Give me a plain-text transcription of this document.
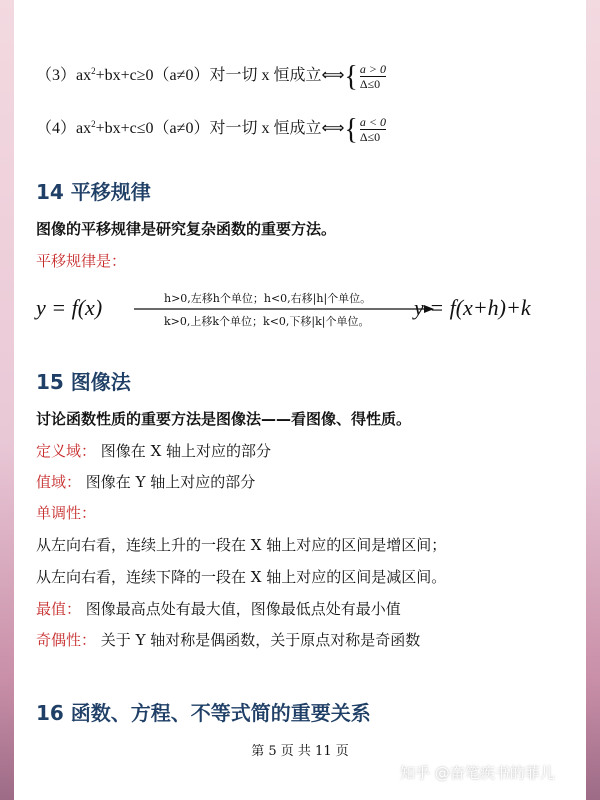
$(3)ax^2+bx+c\ge 0(a\ne 0)$对一切 x 恒成立⟺{ $\frac{a > 0}{\Delta\le 0}$
$(4)ax^2+bx+c\le 0(a\ne 0)$对一切 x 恒成立⟺{ $\frac{a < 0}{\Delta\le 0}$
14 平移规律
图像的平移规律是研究复杂函数的重要方法。
平移规律是：
y = f(x)	h>0,左移h个单位；h<0,右移|h|个单位。
k>0,上移k个单位；k<0,下移|k|个单位。
y = f(x+h)+k
15 图像法
讨论函数性质的重要方法是图像法——看图像、得性质。
定义域： 图像在 X 轴上对应的部分
值域： 图像在 Y 轴上对应的部分
单调性：
从左向右看，连续上升的一段在 X 轴上对应的区间是增区间；
从左向右看，连续下降的一段在 X 轴上对应的区间是减区间。
最值： 图像最高点处有最大值，图像最低点处有最小值
奇偶性： 关于 Y 轴对称是偶函数，关于原点对称是奇函数
16 函数、方程、不等式简的重要关系
第 5 页 共 11 页
知乎 @奋笔疾书的菲儿
